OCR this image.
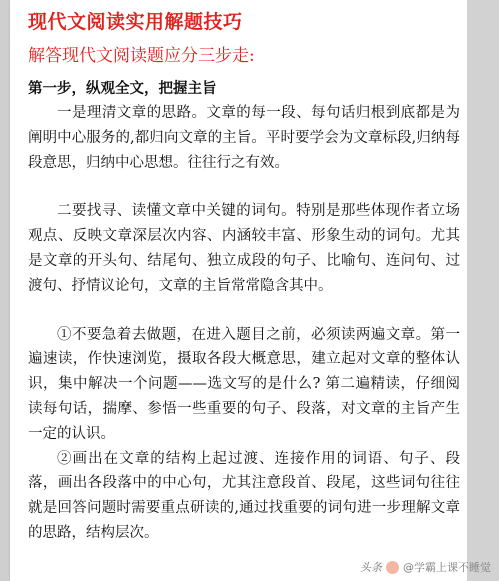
现代文阅读实用解题技巧
解答现代文阅读题应分三步走:
第一步，纵观全文，把握主旨

一是理清文章的思路。文章的每一段、每句话归根到底都是为阐明中心服务的,都归向文章的主旨。平时要学会为文章标段,归纳每段意思，归纳中心思想。往往行之有效。

二要找寻、读懂文章中关键的词句。特别是那些体现作者立场观点、反映文章深层次内容、内涵较丰富、形象生动的词句。尤其是文章的开头句、结尾句、独立成段的句子、比喻句、连问句、过渡句、抒情议论句，文章的主旨常常隐含其中。

①不要急着去做题，在进入题目之前，必须读两遍文章。第一遍速读，作快速浏览，摄取各段大概意思，建立起对文章的整体认识，集中解决一个问题——选文写的是什么? 第二遍精读，仔细阅读每句话，揣摩、参悟一些重要的句子、段落，对文章的主旨产生一定的认识。

②画出在文章的结构上起过渡、连接作用的词语、句子、段落，画出各段落中的中心句，尤其注意段首、段尾，这些词句往往就是回答问题时需要重点研读的,通过找重要的词句进一步理解文章的思路，结构层次。

头条 @学霸上课不睡觉
